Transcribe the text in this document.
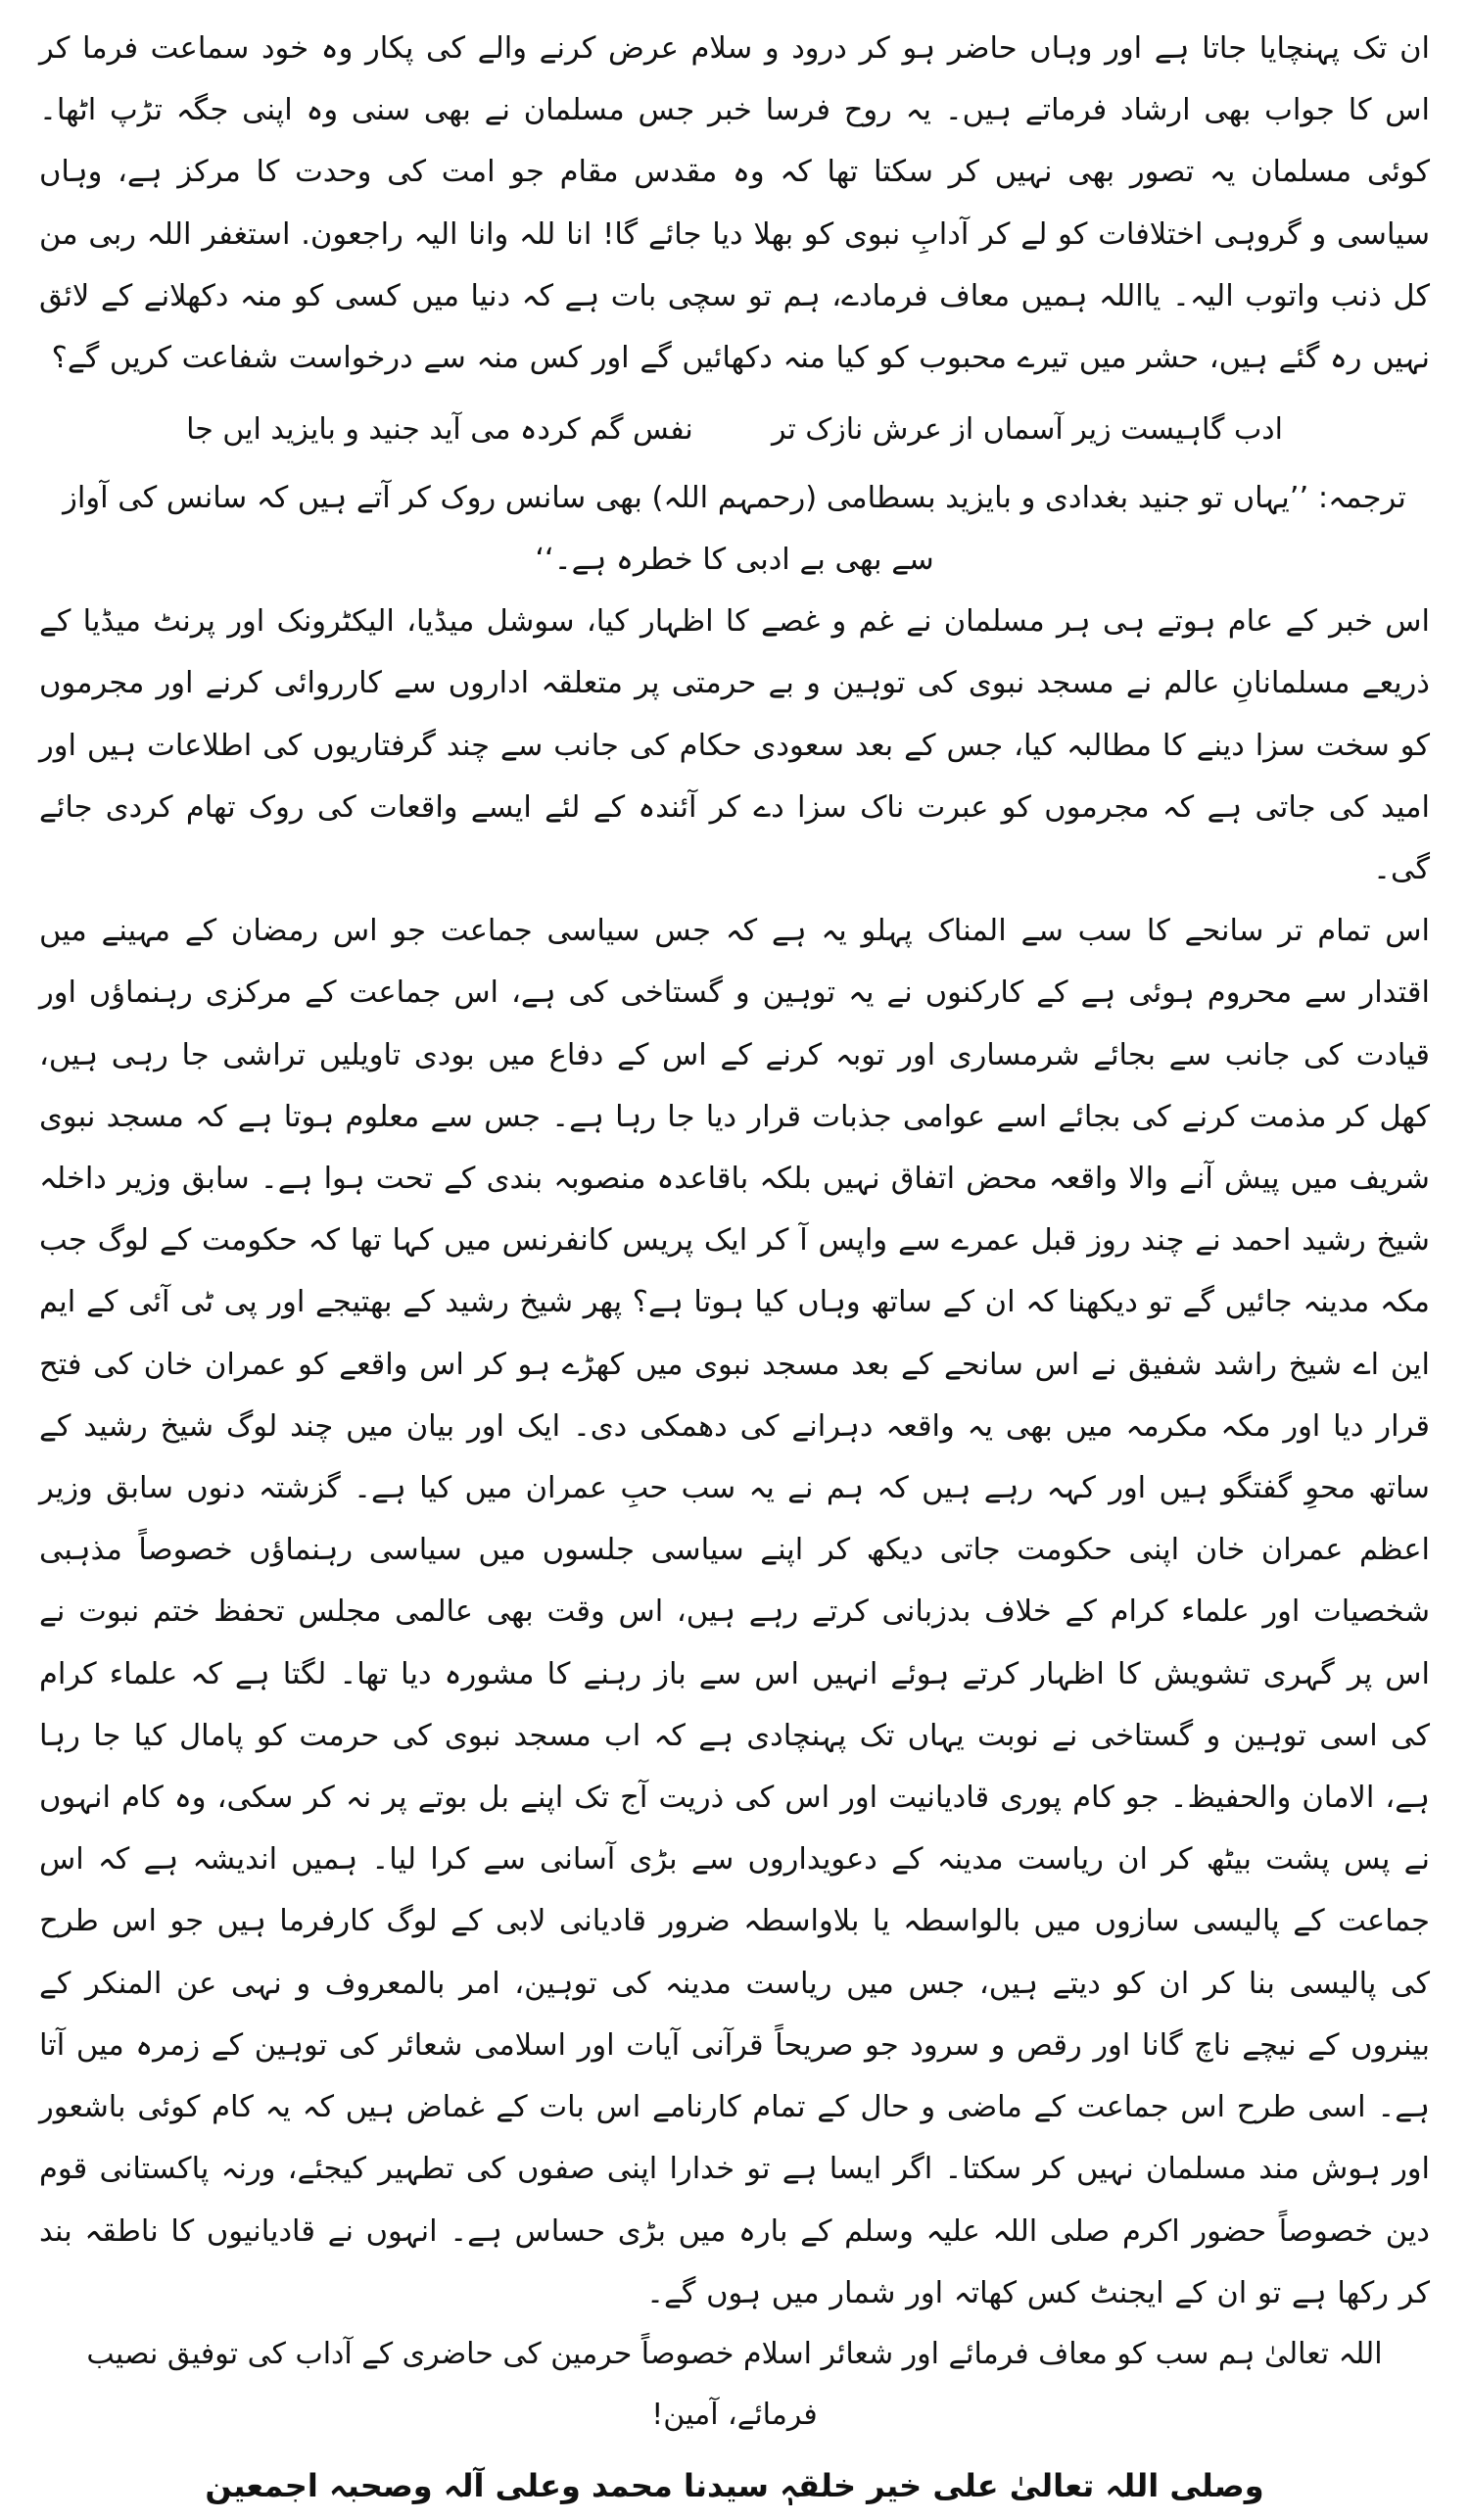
ان تک پہنچایا جاتا ہے اور وہاں حاضر ہو کر درود و سلام عرض کرنے والے کی پکار وہ خود سماعت فرما کر اس کا جواب بھی ارشاد فرماتے ہیں۔ یہ روح فرسا خبر جس مسلمان نے بھی سنی وہ اپنی جگہ تڑپ اٹھا۔ کوئی مسلمان یہ تصور بھی نہیں کر سکتا تھا کہ وہ مقدس مقام جو امت کی وحدت کا مرکز ہے، وہاں سیاسی و گروہی اختلافات کو لے کر آدابِ نبوی کو بھلا دیا جائے گا! انا للہ وانا الیہ راجعون. استغفر اللہ ربی من کل ذنب واتوب الیہ۔ یااللہ ہمیں معاف فرمادے، ہم تو سچی بات ہے کہ دنیا میں کسی کو منہ دکھلانے کے لائق نہیں رہ گئے ہیں، حشر میں تیرے محبوب کو کیا منہ دکھائیں گے اور کس منہ سے درخواست شفاعت کریں گے؟

ادب گاہیست زیر آسماں از عرش نازک تر
نفس گم کردہ می آید جنید و بایزید ایں جا

ترجمہ: ’’یہاں تو جنید بغدادی و بایزید بسطامی (رحمہم اللہ) بھی سانس روک کر آتے ہیں کہ سانس کی آواز سے بھی بے ادبی کا خطرہ ہے۔‘‘

اس خبر کے عام ہوتے ہی ہر مسلمان نے غم و غصے کا اظہار کیا، سوشل میڈیا، الیکٹرونک اور پرنٹ میڈیا کے ذریعے مسلمانانِ عالم نے مسجد نبوی کی توہین و بے حرمتی پر متعلقہ اداروں سے کارروائی کرنے اور مجرموں کو سخت سزا دینے کا مطالبہ کیا، جس کے بعد سعودی حکام کی جانب سے چند گرفتاریوں کی اطلاعات ہیں اور امید کی جاتی ہے کہ مجرموں کو عبرت ناک سزا دے کر آئندہ کے لئے ایسے واقعات کی روک تھام کردی جائے گی۔

اس تمام تر سانحے کا سب سے المناک پہلو یہ ہے کہ جس سیاسی جماعت جو اس رمضان کے مہینے میں اقتدار سے محروم ہوئی ہے کے کارکنوں نے یہ توہین و گستاخی کی ہے، اس جماعت کے مرکزی رہنماؤں اور قیادت کی جانب سے بجائے شرمساری اور توبہ کرنے کے اس کے دفاع میں بودی تاویلیں تراشی جا رہی ہیں، کھل کر مذمت کرنے کی بجائے اسے عوامی جذبات قرار دیا جا رہا ہے۔ جس سے معلوم ہوتا ہے کہ مسجد نبوی شریف میں پیش آنے والا واقعہ محض اتفاق نہیں بلکہ باقاعدہ منصوبہ بندی کے تحت ہوا ہے۔ سابق وزیر داخلہ شیخ رشید احمد نے چند روز قبل عمرے سے واپس آ کر ایک پریس کانفرنس میں کہا تھا کہ حکومت کے لوگ جب مکہ مدینہ جائیں گے تو دیکھنا کہ ان کے ساتھ وہاں کیا ہوتا ہے؟ پھر شیخ رشید کے بھتیجے اور پی ٹی آئی کے ایم این اے شیخ راشد شفیق نے اس سانحے کے بعد مسجد نبوی میں کھڑے ہو کر اس واقعے کو عمران خان کی فتح قرار دیا اور مکہ مکرمہ میں بھی یہ واقعہ دہرانے کی دھمکی دی۔ ایک اور بیان میں چند لوگ شیخ رشید کے ساتھ محوِ گفتگو ہیں اور کہہ رہے ہیں کہ ہم نے یہ سب حبِ عمران میں کیا ہے۔ گزشتہ دنوں سابق وزیر اعظم عمران خان اپنی حکومت جاتی دیکھ کر اپنے سیاسی جلسوں میں سیاسی رہنماؤں خصوصاً مذہبی شخصیات اور علماء کرام کے خلاف بدزبانی کرتے رہے ہیں، اس وقت بھی عالمی مجلس تحفظ ختم نبوت نے اس پر گہری تشویش کا اظہار کرتے ہوئے انہیں اس سے باز رہنے کا مشورہ دیا تھا۔ لگتا ہے کہ علماء کرام کی اسی توہین و گستاخی نے نوبت یہاں تک پہنچادی ہے کہ اب مسجد نبوی کی حرمت کو پامال کیا جا رہا ہے، الامان والحفیظ۔ جو کام پوری قادیانیت اور اس کی ذریت آج تک اپنے بل بوتے پر نہ کر سکی، وہ کام انہوں نے پس پشت بیٹھ کر ان ریاست مدینہ کے دعویداروں سے بڑی آسانی سے کرا لیا۔ ہمیں اندیشہ ہے کہ اس جماعت کے پالیسی سازوں میں بالواسطہ یا بلاواسطہ ضرور قادیانی لابی کے لوگ کارفرما ہیں جو اس طرح کی پالیسی بنا کر ان کو دیتے ہیں، جس میں ریاست مدینہ کی توہین، امر بالمعروف و نہی عن المنکر کے بینروں کے نیچے ناچ گانا اور رقص و سرود جو صریحاً قرآنی آیات اور اسلامی شعائر کی توہین کے زمرہ میں آتا ہے۔ اسی طرح اس جماعت کے ماضی و حال کے تمام کارنامے اس بات کے غماض ہیں کہ یہ کام کوئی باشعور اور ہوش مند مسلمان نہیں کر سکتا۔ اگر ایسا ہے تو خدارا اپنی صفوں کی تطہیر کیجئے، ورنہ پاکستانی قوم دین خصوصاً حضور اکرم صلی اللہ علیہ وسلم کے بارہ میں بڑی حساس ہے۔ انہوں نے قادیانیوں کا ناطقہ بند کر رکھا ہے تو ان کے ایجنٹ کس کھاتہ اور شمار میں ہوں گے۔

اللہ تعالیٰ ہم سب کو معاف فرمائے اور شعائر اسلام خصوصاً حرمین کی حاضری کے آداب کی توفیق نصیب فرمائے، آمین!

وصلی اللہ تعالیٰ علی خیر خلقہٖ سیدنا محمد وعلی آلہ وصحبہ اجمعین
